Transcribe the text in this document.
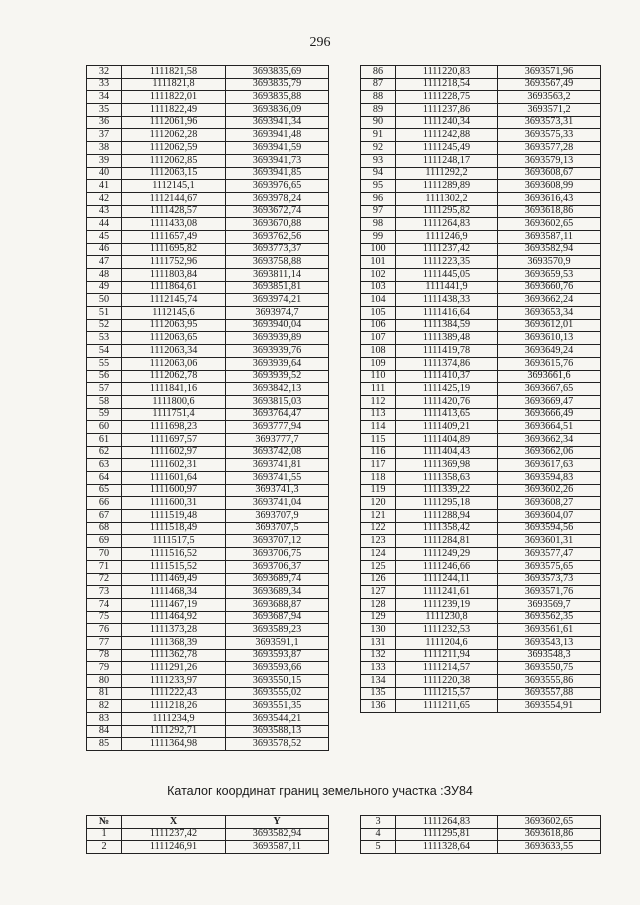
296
32	1111821,58	3693835,69
33	1111821,8	3693835,79
34	1111822,01	3693835,88
35	1111822,49	3693836,09
36	1112061,96	3693941,34
37	1112062,28	3693941,48
38	1112062,59	3693941,59
39	1112062,85	3693941,73
40	1112063,15	3693941,85
41	1112145,1	3693976,65
42	1112144,67	3693978,24
43	1111428,57	3693672,74
44	1111433,08	3693670,88
45	1111657,49	3693762,56
46	1111695,82	3693773,37
47	1111752,96	3693758,88
48	1111803,84	3693811,14
49	1111864,61	3693851,81
50	1112145,74	3693974,21
51	1112145,6	3693974,7
52	1112063,95	3693940,04
53	1112063,65	3693939,89
54	1112063,34	3693939,76
55	1112063,06	3693939,64
56	1112062,78	3693939,52
57	1111841,16	3693842,13
58	1111800,6	3693815,03
59	1111751,4	3693764,47
60	1111698,23	3693777,94
61	1111697,57	3693777,7
62	1111602,97	3693742,08
63	1111602,31	3693741,81
64	1111601,64	3693741,55
65	1111600,97	3693741,3
66	1111600,31	3693741,04
67	1111519,48	3693707,9
68	1111518,49	3693707,5
69	1111517,5	3693707,12
70	1111516,52	3693706,75
71	1111515,52	3693706,37
72	1111469,49	3693689,74
73	1111468,34	3693689,34
74	1111467,19	3693688,87
75	1111464,92	3693687,94
76	1111373,28	3693589,23
77	1111368,39	3693591,1
78	1111362,78	3693593,87
79	1111291,26	3693593,66
80	1111233,97	3693550,15
81	1111222,43	3693555,02
82	1111218,26	3693551,35
83	1111234,9	3693544,21
84	1111292,71	3693588,13
85	1111364,98	3693578,52
86	1111220,83	3693571,96
87	1111218,54	3693567,49
88	1111228,75	3693563,2
89	1111237,86	3693571,2
90	1111240,34	3693573,31
91	1111242,88	3693575,33
92	1111245,49	3693577,28
93	1111248,17	3693579,13
94	1111292,2	3693608,67
95	1111289,89	3693608,99
96	1111302,2	3693616,43
97	1111295,82	3693618,86
98	1111264,83	3693602,65
99	1111246,9	3693587,11
100	1111237,42	3693582,94
101	1111223,35	3693570,9
102	1111445,05	3693659,53
103	1111441,9	3693660,76
104	1111438,33	3693662,24
105	1111416,64	3693653,34
106	1111384,59	3693612,01
107	1111389,48	3693610,13
108	1111419,78	3693649,24
109	1111374,86	3693615,76
110	1111410,37	3693661,6
111	1111425,19	3693667,65
112	1111420,76	3693669,47
113	1111413,65	3693666,49
114	1111409,21	3693664,51
115	1111404,89	3693662,34
116	1111404,43	3693662,06
117	1111369,98	3693617,63
118	1111358,63	3693594,83
119	1111339,22	3693602,26
120	1111295,18	3693608,27
121	1111288,94	3693604,07
122	1111358,42	3693594,56
123	1111284,81	3693601,31
124	1111249,29	3693577,47
125	1111246,66	3693575,65
126	1111244,11	3693573,73
127	1111241,61	3693571,76
128	1111239,19	3693569,7
129	1111230,8	3693562,35
130	1111232,53	3693561,61
131	1111204,6	3693543,13
132	1111211,94	3693548,3
133	1111214,57	3693550,75
134	1111220,38	3693555,86
135	1111215,57	3693557,88
136	1111211,65	3693554,91
Каталог координат границ земельного участка :ЗУ84
№	X	Y
1	1111237,42	3693582,94
2	1111246,91	3693587,11
3	1111264,83	3693602,65
4	1111295,81	3693618,86
5	1111328,64	3693633,55
